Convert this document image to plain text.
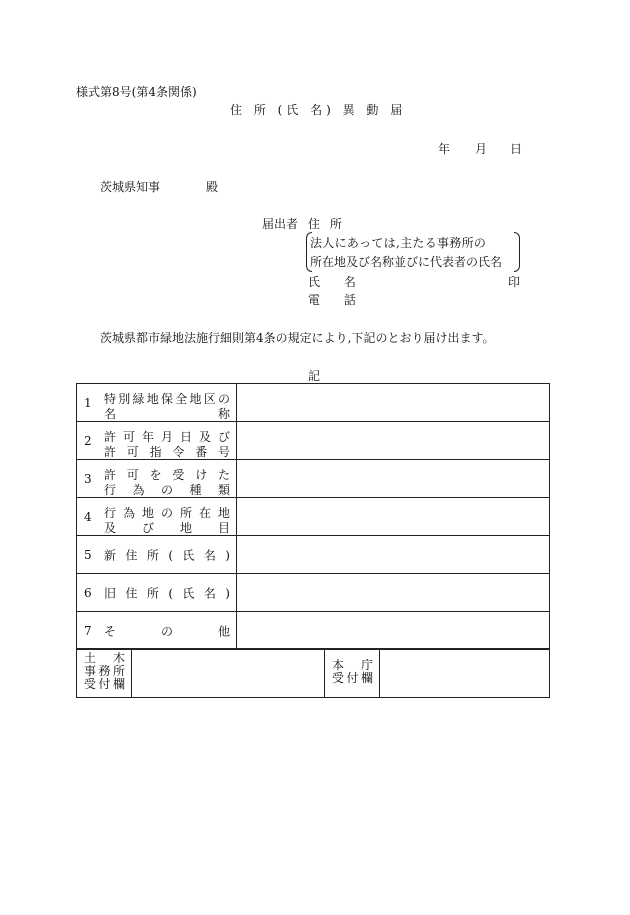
様式第8号(第4条関係)
住 所 (氏 名) 異 動 届
年 月 日
茨城県知事	殿
届出者 住 所
法人にあっては,主たる事務所の
所在地及び名称並びに代表者の氏名
氏 名	印
電 話
茨城県都市緑地法施行細則第4条の規定により,下記のとおり届け出ます。
記
1 特別緑地保全地区の
名称	

2 許可年月日及び
許可指令番号	

3 許可を受けた
行為の種類	

4 行為地の所在地
及び地目	

5 新住所(氏名)	

6 旧住所(氏名)	

7 その他	

土木
事務所
受付欄

本庁
受付欄
